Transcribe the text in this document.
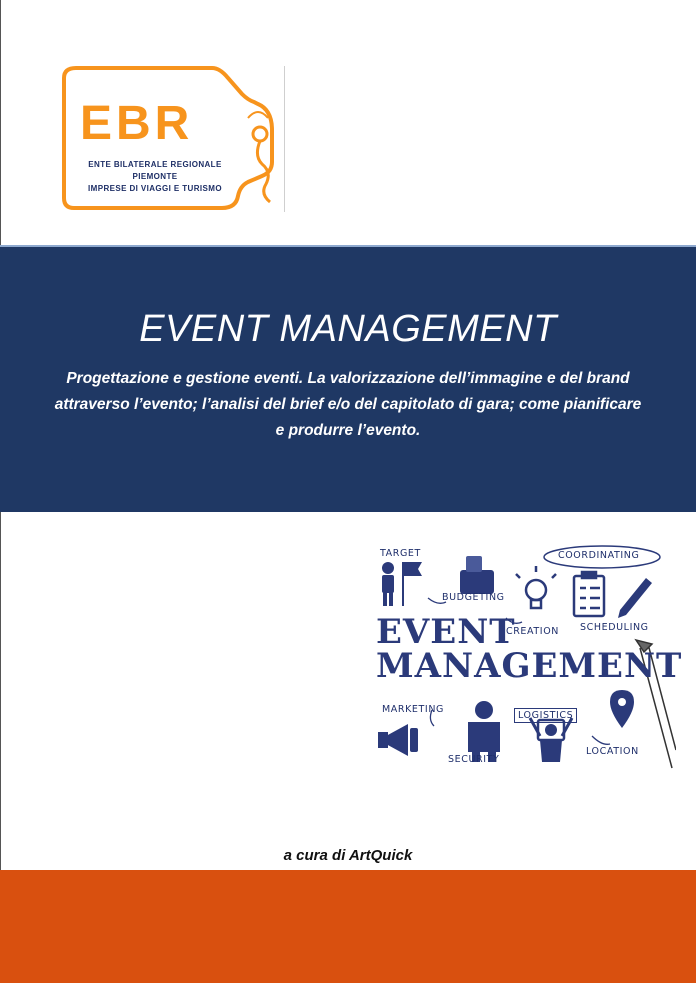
EBR
ENTE BILATERALE REGIONALE
PIEMONTE
IMPRESE DI VIAGGI E TURISMO
EVENT MANAGEMENT
Progettazione e gestione eventi. La valorizzazione dell’immagine e del brand attraverso l’evento; l’analisi del brief e/o del capitolato di gara; come pianificare e produrre l’evento.
TARGET
BUDGETING
COORDINATING
CREATION SCHEDULING
EVENT
MANAGEMENT
MARKETING
LOGISTICS
SECURITY
LOCATION
a cura di ArtQuick
